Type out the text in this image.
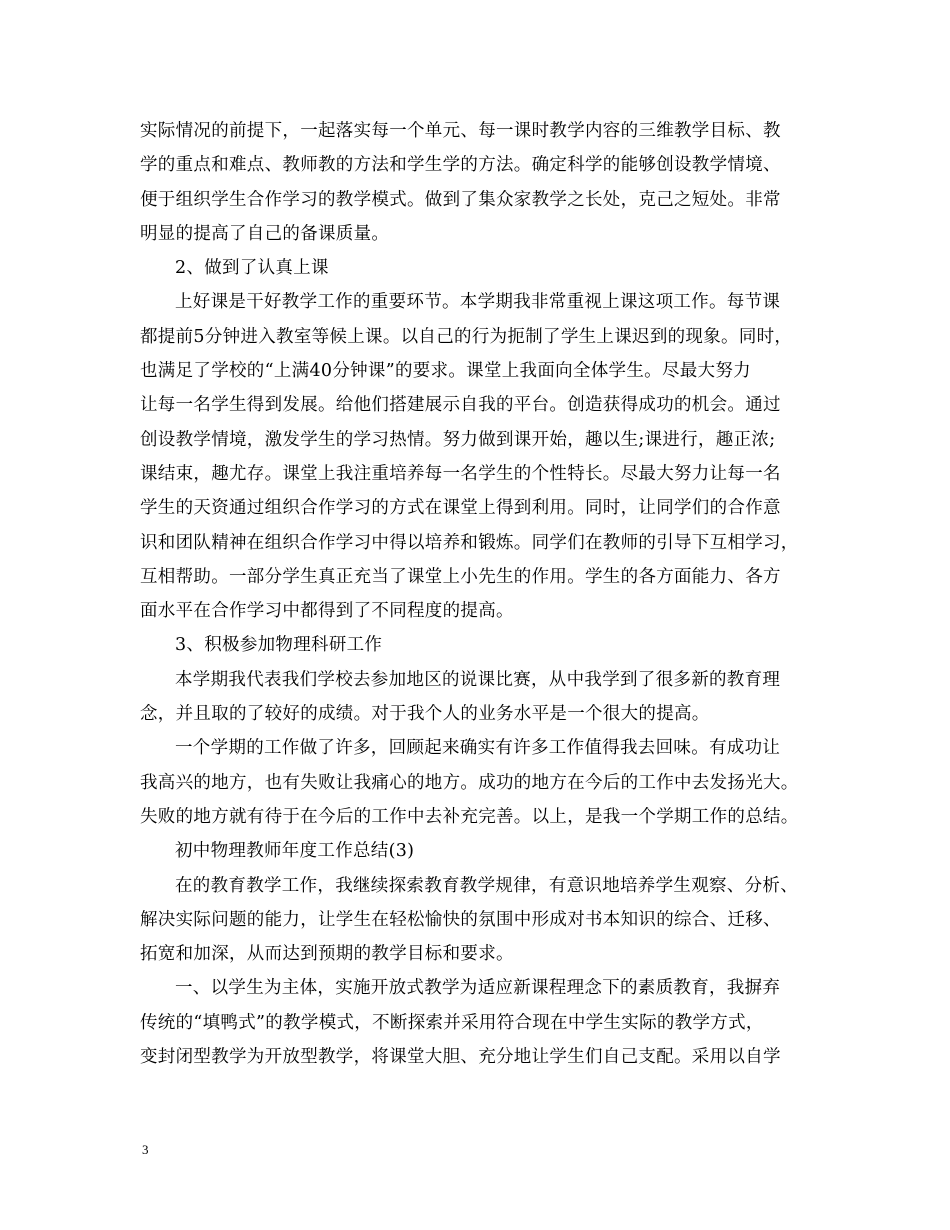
实际情况的前提下，一起落实每一个单元、每一课时教学内容的三维教学目标、教
学的重点和难点、教师教的方法和学生学的方法。确定科学的能够创设教学情境、
便于组织学生合作学习的教学模式。做到了集众家教学之长处，克己之短处。非常
明显的提高了自己的备课质量。
2、做到了认真上课
上好课是干好教学工作的重要环节。本学期我非常重视上课这项工作。每节课
都提前5分钟进入教室等候上课。以自己的行为扼制了学生上课迟到的现象。同时，
也满足了学校的“上满40分钟课”的要求。课堂上我面向全体学生。尽最大努力
让每一名学生得到发展。给他们搭建展示自我的平台。创造获得成功的机会。通过
创设教学情境，激发学生的学习热情。努力做到课开始，趣以生;课进行，趣正浓;
课结束，趣尤存。课堂上我注重培养每一名学生的个性特长。尽最大努力让每一名
学生的天资通过组织合作学习的方式在课堂上得到利用。同时，让同学们的合作意
识和团队精神在组织合作学习中得以培养和锻炼。同学们在教师的引导下互相学习，
互相帮助。一部分学生真正充当了课堂上小先生的作用。学生的各方面能力、各方
面水平在合作学习中都得到了不同程度的提高。
3、积极参加物理科研工作
本学期我代表我们学校去参加地区的说课比赛，从中我学到了很多新的教育理
念，并且取的了较好的成绩。对于我个人的业务水平是一个很大的提高。
一个学期的工作做了许多，回顾起来确实有许多工作值得我去回味。有成功让
我高兴的地方，也有失败让我痛心的地方。成功的地方在今后的工作中去发扬光大。
失败的地方就有待于在今后的工作中去补充完善。以上，是我一个学期工作的总结。
初中物理教师年度工作总结(3)
在的教育教学工作，我继续探索教育教学规律，有意识地培养学生观察、分析、
解决实际问题的能力，让学生在轻松愉快的氛围中形成对书本知识的综合、迁移、
拓宽和加深，从而达到预期的教学目标和要求。
一、以学生为主体，实施开放式教学为适应新课程理念下的素质教育，我摒弃
传统的“填鸭式”的教学模式，不断探索并采用符合现在中学生实际的教学方式，
变封闭型教学为开放型教学，将课堂大胆、充分地让学生们自己支配。采用以自学
3
